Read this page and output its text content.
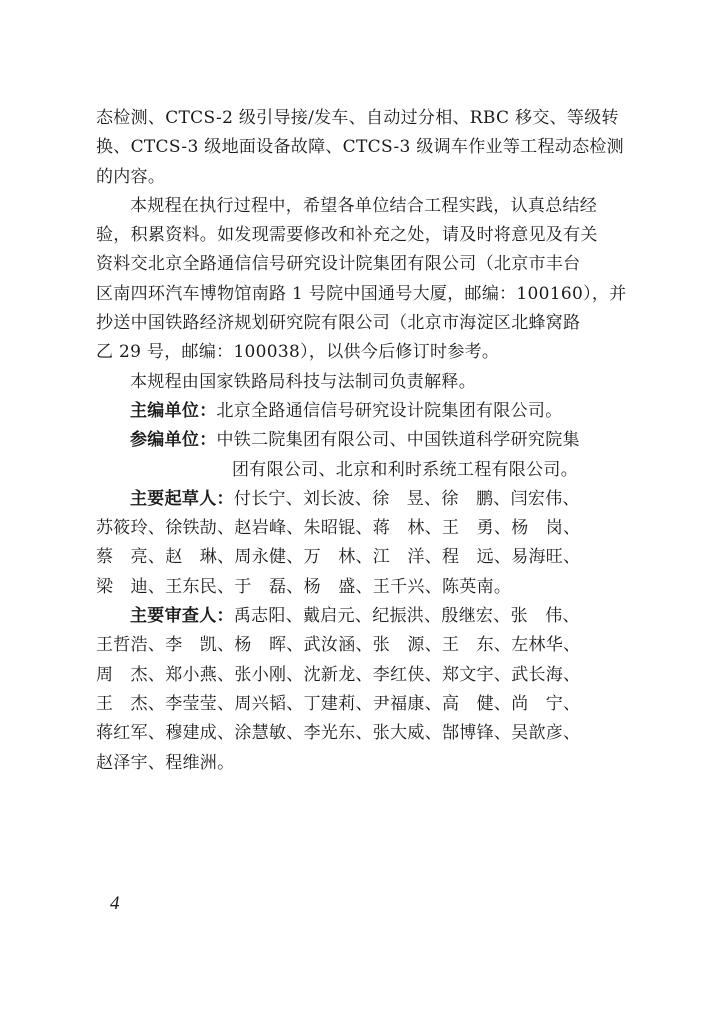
态检测、CTCS-2 级引导接/发车、自动过分相、RBC 移交、等级转
换、CTCS-3 级地面设备故障、CTCS-3 级调车作业等工程动态检测
的内容。
本规程在执行过程中，希望各单位结合工程实践，认真总结经
验，积累资料。如发现需要修改和补充之处，请及时将意见及有关
资料交北京全路通信信号研究设计院集团有限公司（北京市丰台
区南四环汽车博物馆南路 1 号院中国通号大厦，邮编：100160），并
抄送中国铁路经济规划研究院有限公司（北京市海淀区北蜂窝路
乙 29 号，邮编：100038），以供今后修订时参考。
本规程由国家铁路局科技与法制司负责解释。
主编单位：北京全路通信信号研究设计院集团有限公司。
参编单位：中铁二院集团有限公司、中国铁道科学研究院集
团有限公司、北京和利时系统工程有限公司。
主要起草人：付长宁、刘长波、徐　昱、徐　鹏、闫宏伟、
苏筱玲、徐铁劼、赵岩峰、朱昭锟、蒋　林、王　勇、杨　岗、
蔡　亮、赵　琳、周永健、万　林、江　洋、程　远、易海旺、
梁　迪、王东民、于　磊、杨　盛、王千兴、陈英南。
主要审查人：禹志阳、戴启元、纪振洪、殷继宏、张　伟、
王哲浩、李　凯、杨　晖、武汝涵、张　源、王　东、左林华、
周　杰、郑小燕、张小刚、沈新龙、李红侠、郑文宇、武长海、
王　杰、李莹莹、周兴韬、丁建莉、尹福康、高　健、尚　宁、
蒋红军、穆建成、涂慧敏、李光东、张大威、郜博锋、吴歆彦、
赵泽宇、程维洲。
4
